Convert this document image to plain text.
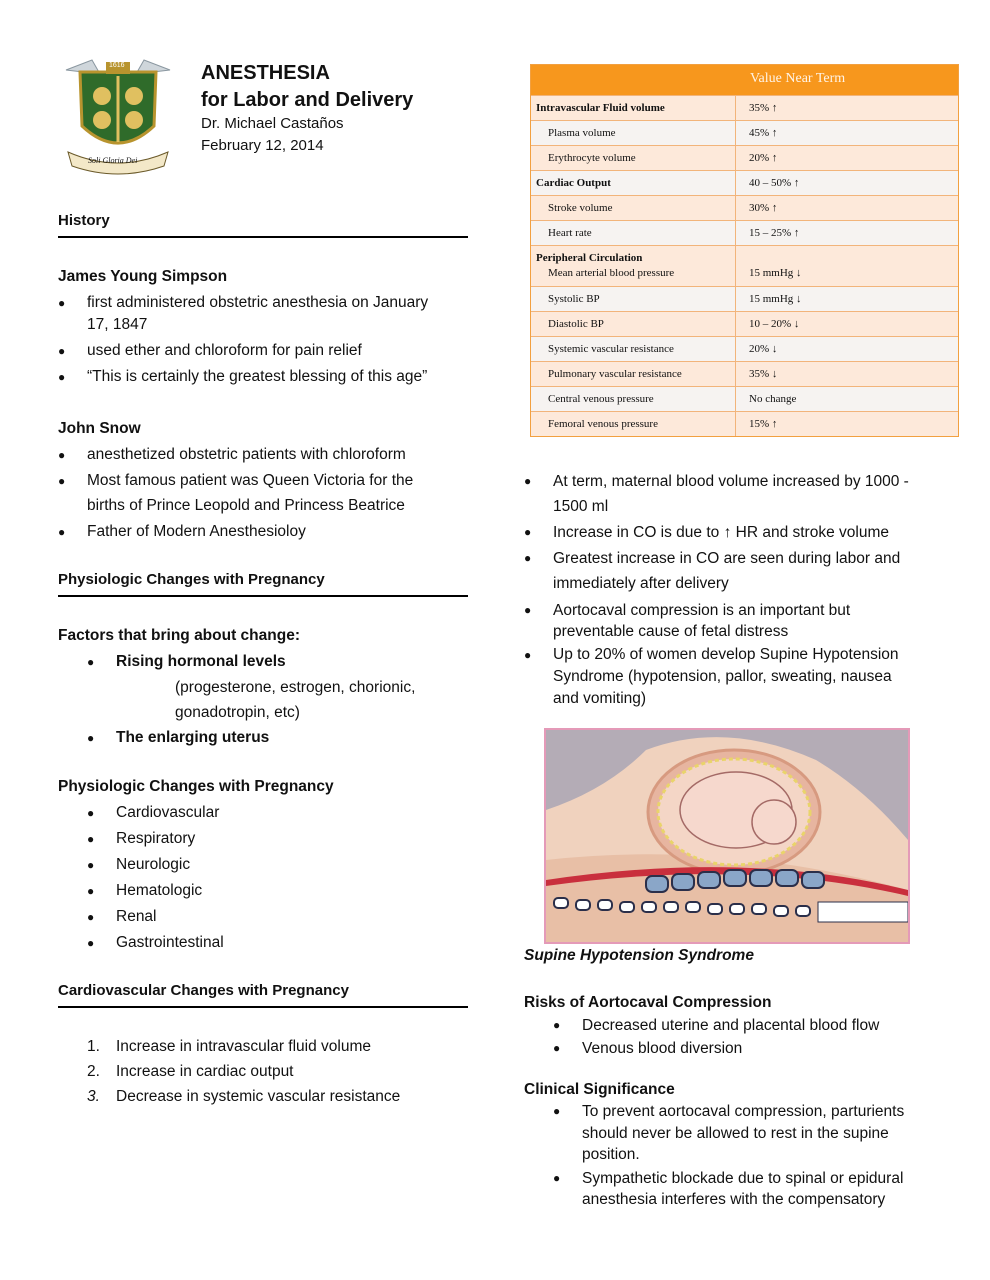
1616
Soli Gloria Dei
ANESTHESIA
for Labor and Delivery
Dr. Michael Castaños
February 12, 2014
History
James Young Simpson
● first administered obstetric anesthesia on January
17, 1847
● used ether and chloroform for pain relief
● “This is certainly the greatest blessing of this age”
John Snow
● anesthetized obstetric patients with chloroform
● Most famous patient was Queen Victoria for the
births of Prince Leopold and Princess Beatrice
● Father of Modern Anesthesioloy
Physiologic Changes with Pregnancy
Factors that bring about change:
● Rising hormonal levels
(progesterone, estrogen, chorionic,
gonadotropin, etc)
● The enlarging uterus
Physiologic Changes with Pregnancy
● Cardiovascular
● Respiratory
● Neurologic
● Hematologic
● Renal
● Gastrointestinal
Cardiovascular Changes with Pregnancy
1. Increase in intravascular fluid volume
2. Increase in cardiac output
3. Decrease in systemic vascular resistance
Value Near Term
Intravascular Fluid volume	35% ↑
Plasma volume	45% ↑
Erythrocyte volume	20% ↑
Cardiac Output	40 – 50% ↑
Stroke volume	30% ↑
Heart rate	15 – 25% ↑
Peripheral Circulation
Mean arterial blood pressure	15 mmHg ↓
Systolic BP	15 mmHg ↓
Diastolic BP	10 – 20% ↓
Systemic vascular resistance	20% ↓
Pulmonary vascular resistance	35% ↓
Central venous pressure	No change
Femoral venous pressure	15% ↑
● At term, maternal blood volume increased by 1000 -
1500 ml
● Increase in CO is due to ↑ HR and stroke volume
● Greatest increase in CO are seen during labor and
immediately after delivery
● Aortocaval compression is an important but
preventable cause of fetal distress
● Up to 20% of women develop Supine Hypotension
Syndrome (hypotension, pallor, sweating, nausea
and vomiting)
Supine Hypotension Syndrome
Risks of Aortocaval Compression
● Decreased uterine and placental blood flow
● Venous blood diversion
Clinical Significance
● To prevent aortocaval compression, parturients
should never be allowed to rest in the supine
position.
● Sympathetic blockade due to spinal or epidural
anesthesia interferes with the compensatory
